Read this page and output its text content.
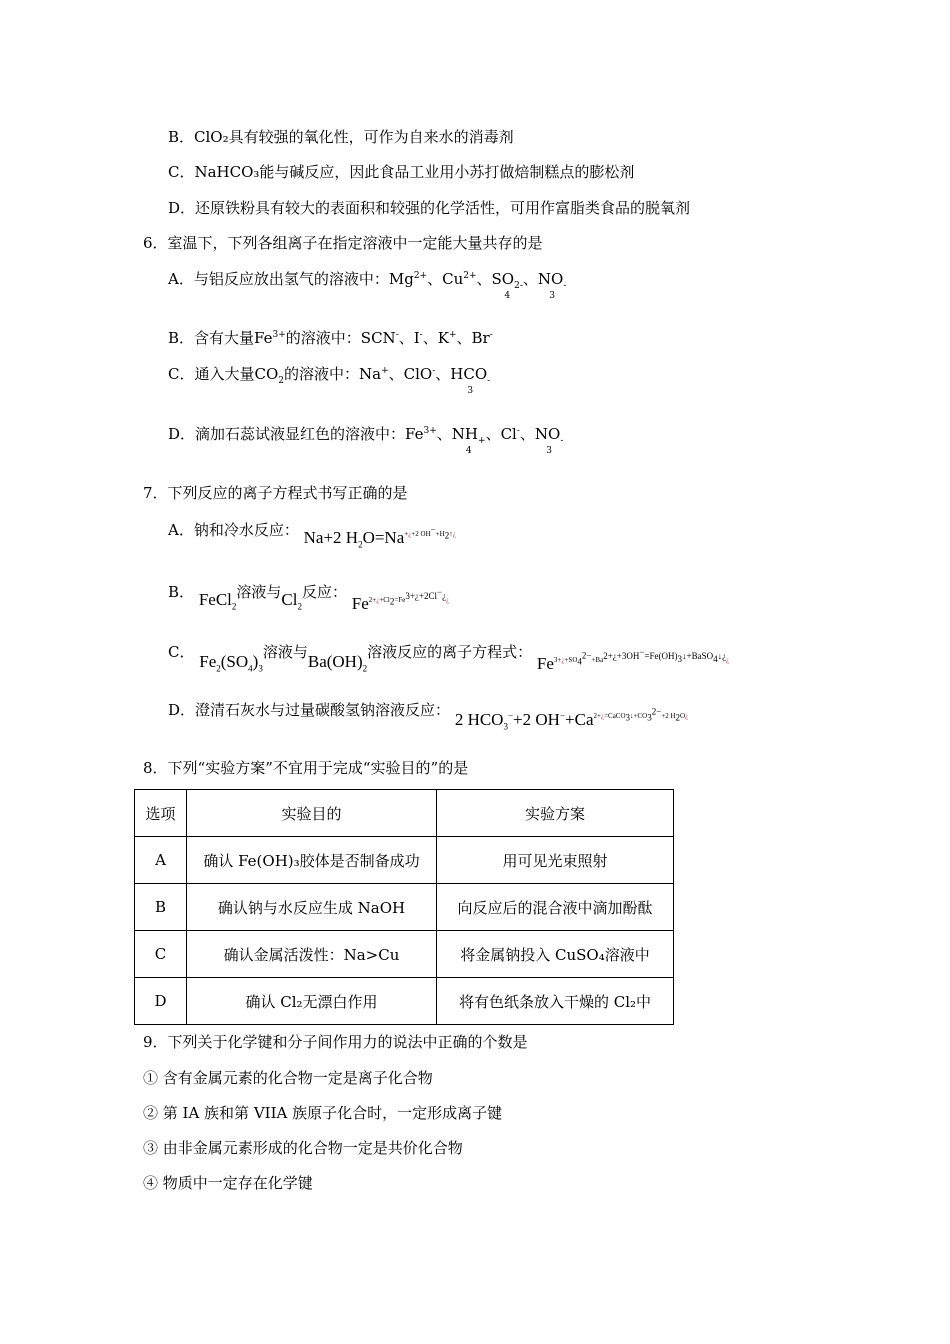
B．ClO₂具有较强的氧化性，可作为自来水的消毒剂
C．NaHCO₃能与碱反应，因此食品工业用小苏打做焙制糕点的膨松剂
D．还原铁粉具有较大的表面积和较强的化学活性，可用作富脂类食品的脱氧剂
6．室温下，下列各组离子在指定溶液中一定能大量共存的是
A．与铝反应放出氢气的溶液中：$Mg^{2+}$、$Cu^{2+}$、$SO_{2-}$
4
、$NO_-$
3
B．含有大量$Fe^{3+}$的溶液中：SCN-、I-、K+、Br-
C．通入大量$CO_2$的溶液中：Na+、ClO-、$HCO_-$
3
D．滴加石蕊试液显红色的溶液中：$Fe^{3+}$、$NH_+$
4
、Cl-、$NO_-$
3
7．下列反应的离子方程式书写正确的是
A．钠和冷水反应： Na+2 $H_2O=Na^{+¿+2 OH^-+H_2↑¿}$
B． FeCl$_2$溶液与$Cl_2$反应： $Fe^{2+¿+Cl_2=Fe^{3+¿+2Cl^-¿}¿}$
C． $Fe_2(SO_4)_3$溶液与$Ba(OH)_2$溶液反应的离子方程式： $Fe^{3+¿+SO_4^{2-}+Ba^{2+¿+3OH^-=Fe(OH)_3↓+BaSO_4↓¿}¿}$
D．澄清石灰水与过量碳酸氢钠溶液反应： 2 $HCO_3^-+2$ $OH^-+Ca^{2+¿=CaCO_3↓+CO_3^{2-}+2 H_2O¿}$
8．下列“实验方案”不宜用于完成“实验目的”的是
选项	实验目的	实验方案
A	确认 Fe(OH)₃胶体是否制备成功	用可见光束照射
B	确认钠与水反应生成 NaOH	向反应后的混合液中滴加酚酞
C	确认金属活泼性：Na>Cu	将金属钠投入 CuSO₄溶液中
D	确认 Cl₂无漂白作用	将有色纸条放入干燥的 Cl₂中
9．下列关于化学键和分子间作用力的说法中正确的个数是
① 含有金属元素的化合物一定是离子化合物
② 第 IA 族和第 VIIA 族原子化合时，一定形成离子键
③ 由非金属元素形成的化合物一定是共价化合物
④ 物质中一定存在化学键
